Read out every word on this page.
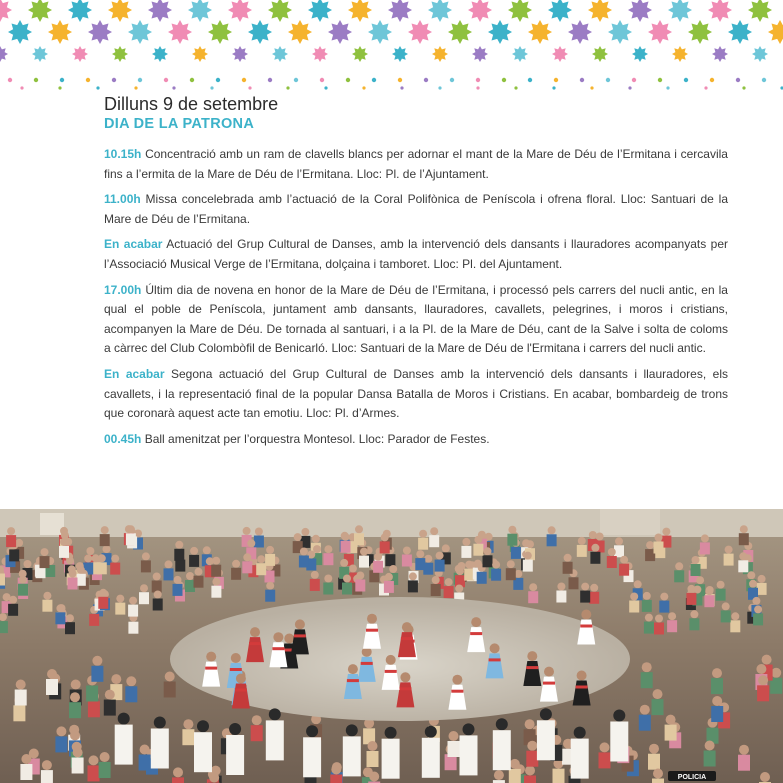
Dilluns 9 de setembre
DIA DE LA PATRONA

10.15h Concentració amb un ram de clavells blancs per adornar el mant de la Mare de Déu de l’Ermitana i cercavila fins a l’ermita de la Mare de Déu de l’Ermitana. Lloc: Pl. de l’Ajuntament.

11.00h Missa concelebrada amb l’actuació de la Coral Polifònica de Peníscola i ofrena floral. Lloc: Santuari de la Mare de Déu de l’Ermitana.

En acabar Actuació del Grup Cultural de Danses, amb la intervenció dels dansants i llauradores acompanyats per l’Associació Musical Verge de l’Ermitana, dolçaina i tamboret. Lloc: Pl. del Ajuntament.

17.00h Últim dia de novena en honor de la Mare de Déu de l’Ermitana, i processó pels carrers del nucli antic, en la qual el poble de Peníscola, juntament amb dansants, llauradores, cavallets, pelegrines, i moros i cristians, acompanyen la Mare de Déu. De tornada al santuari, i a la Pl. de la Mare de Déu, cant de la Salve i solta de coloms a càrrec del Club Colombòfil de Benicarló. Lloc: Santuari de la Mare de Déu de l'Ermitana i carrers del nucli antic.

En acabar Segona actuació del Grup Cultural de Danses amb la intervenció dels dansants i llauradores, els cavallets, i la representació final de la popular Dansa Batalla de Moros i Cristians. En acabar, bombardeig de trons que coronarà aquest acte tan emotiu. Lloc: Pl. d’Armes.

00.45h Ball amenitzat per l’orquestra Montesol. Lloc: Parador de Festes.

POLICIA
